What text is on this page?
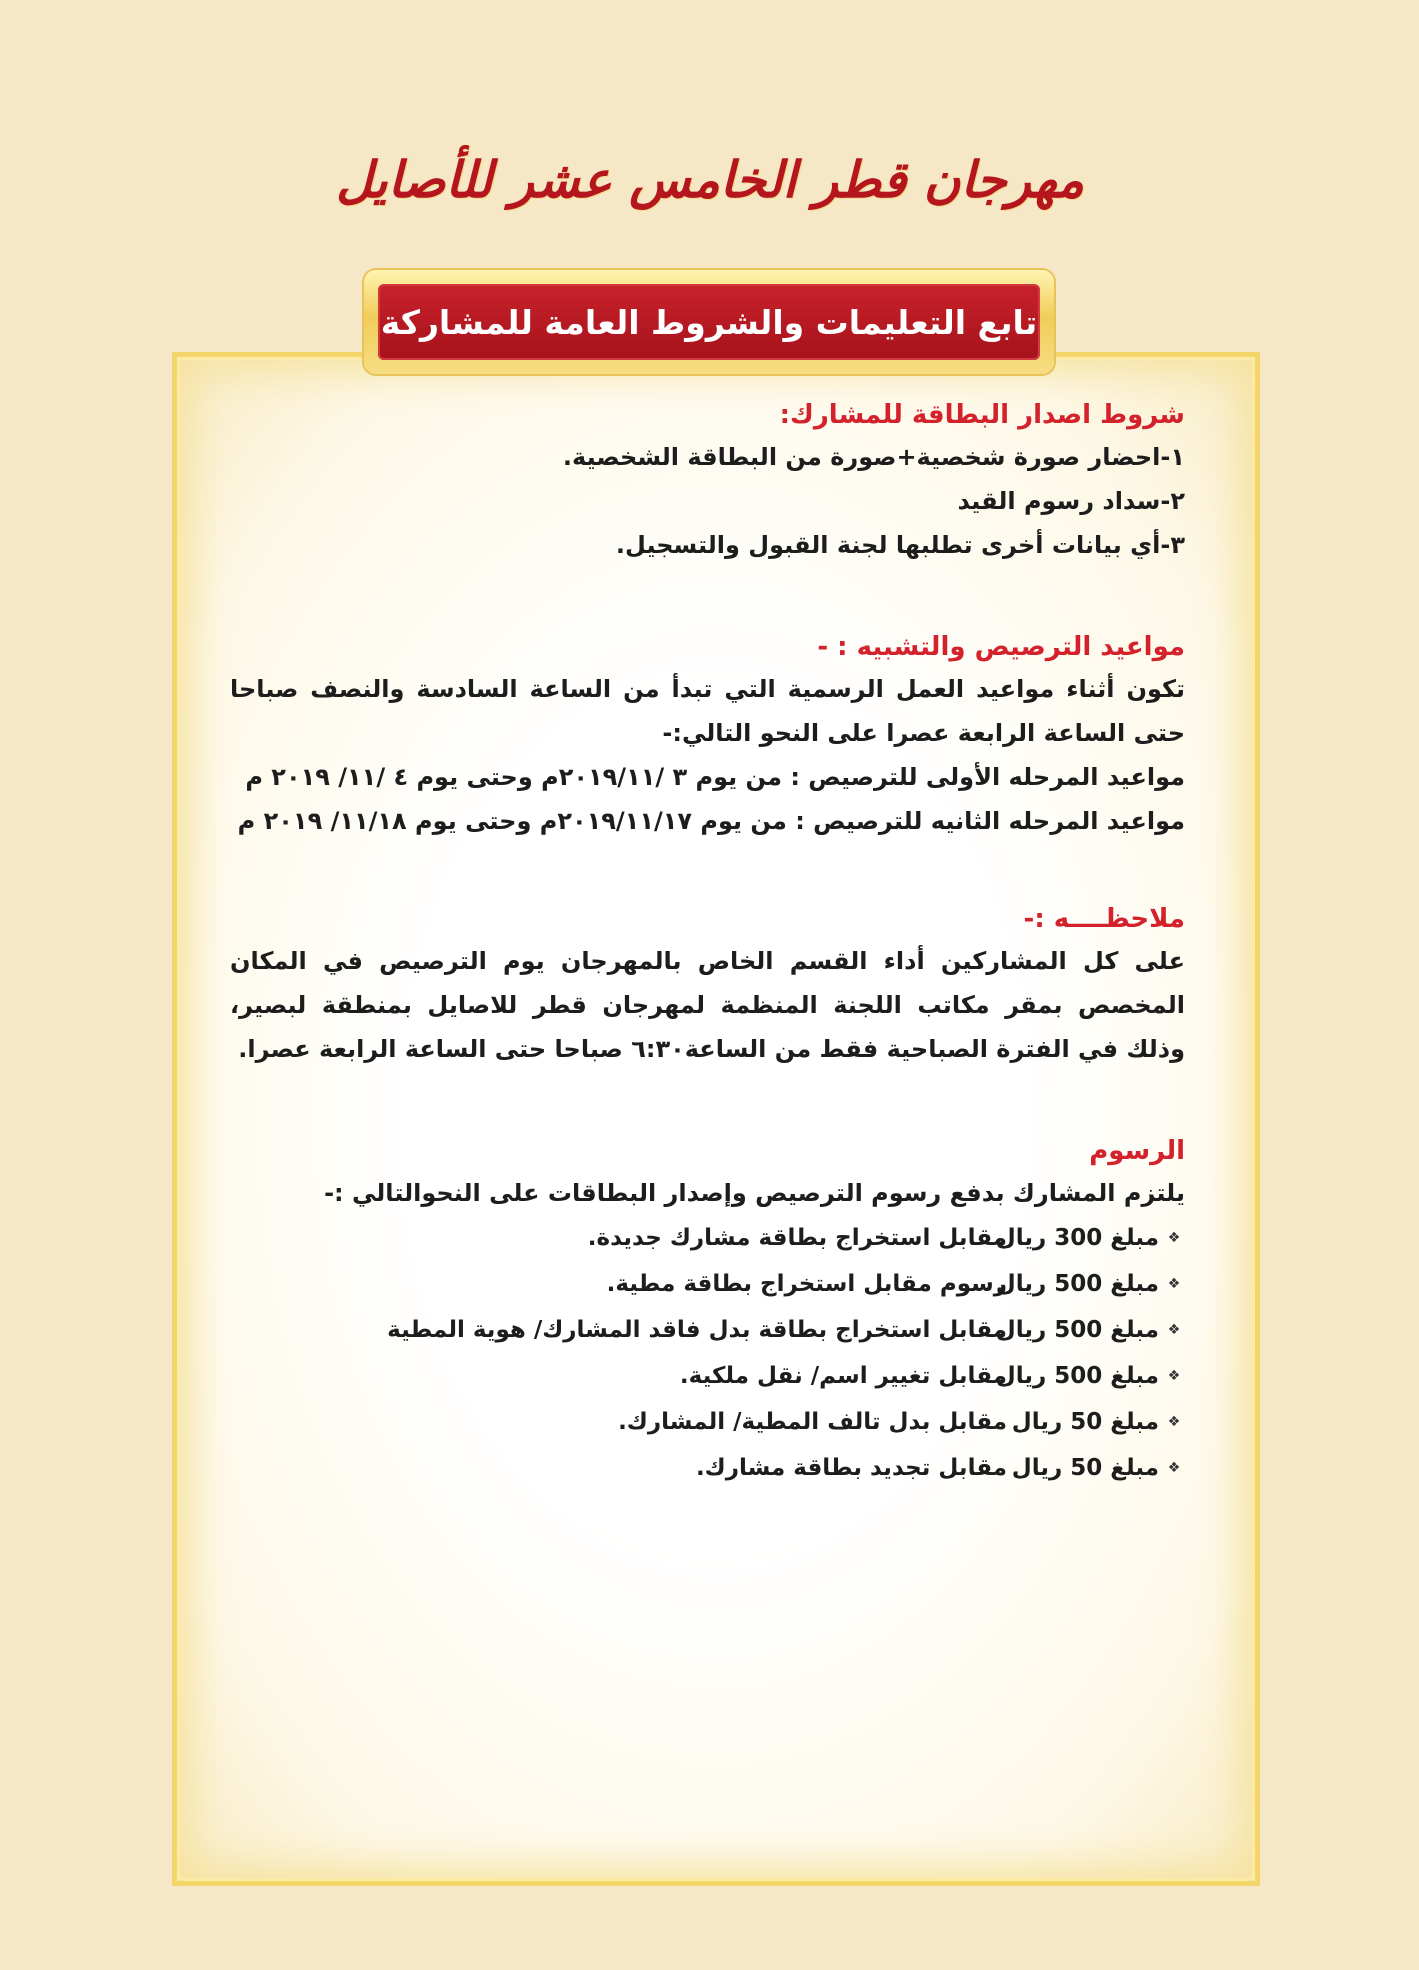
مهرجان قطر الخامس عشر للأصايل
تابع التعليمات والشروط العامة للمشاركة
شروط اصدار البطاقة للمشارك:
١-احضار صورة شخصية+صورة من البطاقة الشخصية.
٢-سداد رسوم القيد
٣-أي بيانات أخرى تطلبها لجنة القبول والتسجيل.
مواعيد الترصيص والتشبيه : -
تكون أثناء مواعيد العمل الرسمية التي تبدأ من الساعة السادسة والنصف صباحا
حتى الساعة الرابعة عصرا على النحو التالي:-
مواعيد المرحله الأولى للترصيص : من يوم ٣ /٢٠١٩/١١م وحتى يوم ٤ /١١/ ٢٠١٩ م
مواعيد المرحله الثانيه للترصيص : من يوم ٢٠١٩/١١/١٧م وحتى يوم ١١/١٨/ ٢٠١٩ م
ملاحظــــه :-
على كل المشاركين أداء القسم الخاص بالمهرجان يوم الترصيص في المكان
المخصص بمقر مكاتب اللجنة المنظمة لمهرجان قطر للاصايل بمنطقة لبصير،
وذلك في الفترة الصباحية فقط من الساعة٦:٣٠ صباحا حتى الساعة الرابعة عصرا.
الرسوم
يلتزم المشارك بدفع رسوم الترصيص وإصدار البطاقات على النحوالتالي :-
❖
مبلغ 300 ريال
مقابل استخراج بطاقة مشارك جديدة.
❖
مبلغ 500 ريال
رسوم مقابل استخراج بطاقة مطية.
❖
مبلغ 500 ريال
مقابل استخراج بطاقة بدل فاقد المشارك/ هوية المطية
❖
مبلغ 500 ريال
مقابل تغيير اسم/ نقل ملكية.
❖
مبلغ 50 ريال
مقابل بدل تالف المطية/ المشارك.
❖
مبلغ 50 ريال
مقابل تجديد بطاقة مشارك.
